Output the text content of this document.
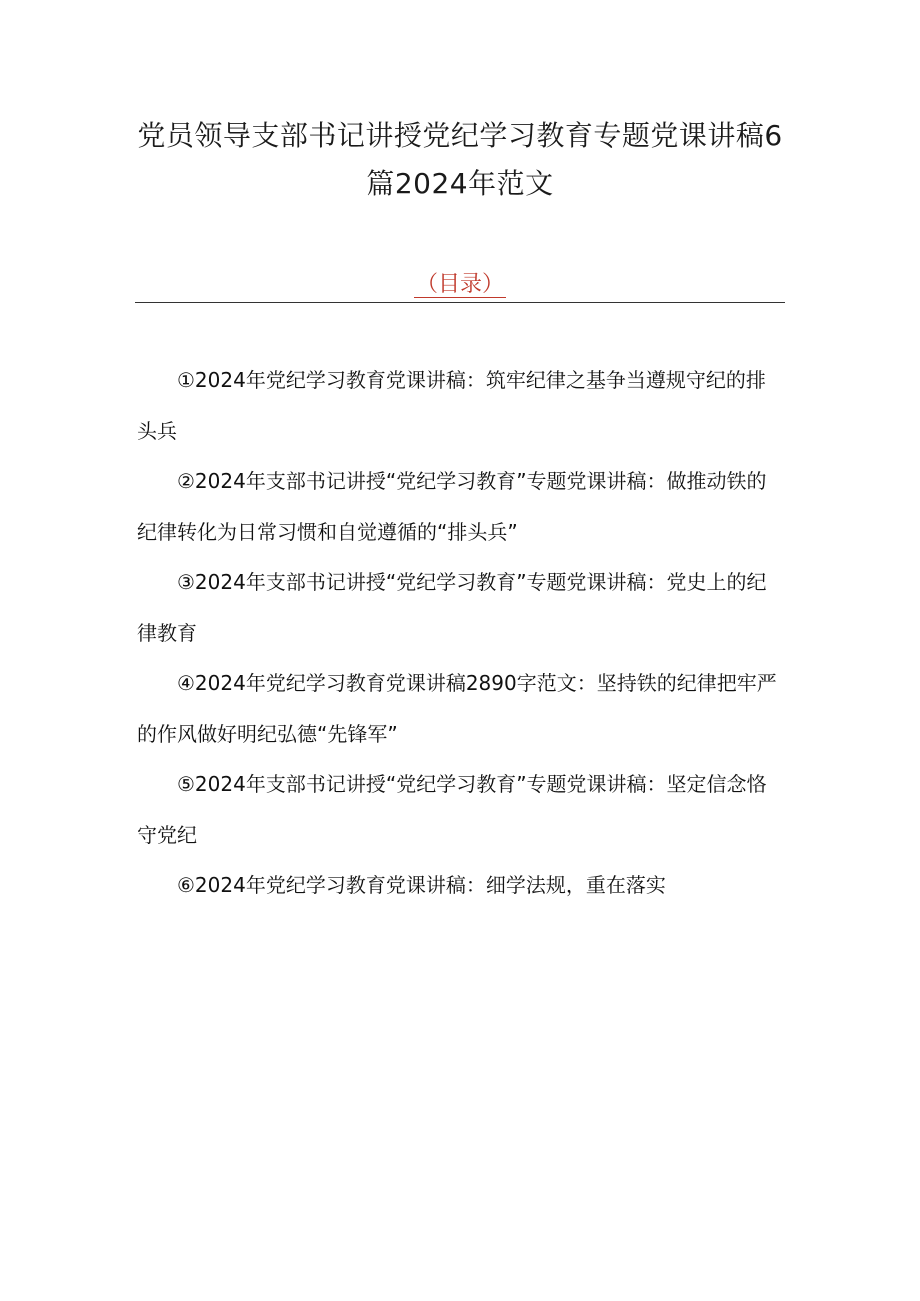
党员领导支部书记讲授党纪学习教育专题党课讲稿6篇2024年范文
（目录）
①2024年党纪学习教育党课讲稿：筑牢纪律之基争当遵规守纪的排头兵
②2024年支部书记讲授“党纪学习教育”专题党课讲稿：做推动铁的纪律转化为日常习惯和自觉遵循的“排头兵”
③2024年支部书记讲授“党纪学习教育”专题党课讲稿：党史上的纪律教育
④2024年党纪学习教育党课讲稿2890字范文：坚持铁的纪律把牢严的作风做好明纪弘德“先锋军”
⑤2024年支部书记讲授“党纪学习教育”专题党课讲稿：坚定信念恪守党纪
⑥2024年党纪学习教育党课讲稿：细学法规，重在落实
